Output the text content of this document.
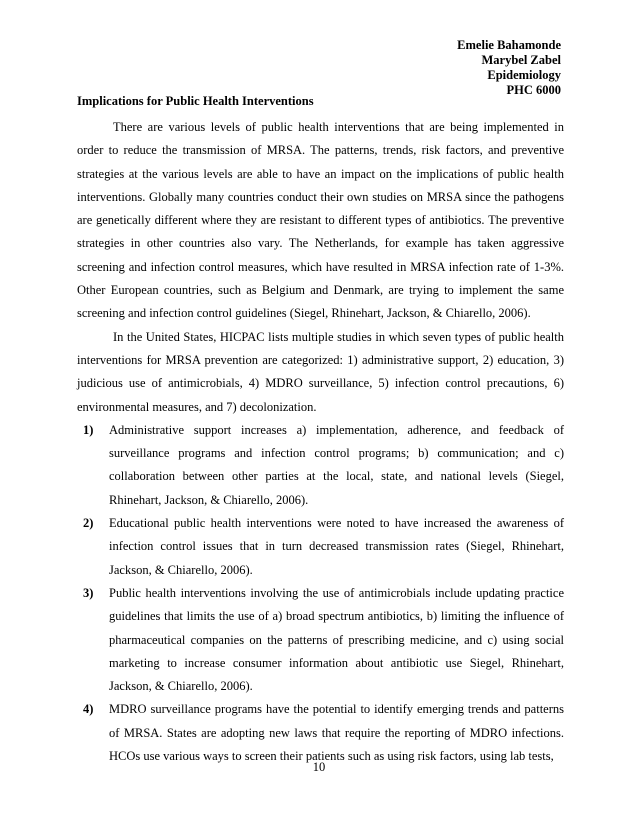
Emelie Bahamonde
Marybel Zabel
Epidemiology
PHC 6000
Implications for Public Health Interventions

There are various levels of public health interventions that are being implemented in order to reduce the transmission of MRSA. The patterns, trends, risk factors, and preventive strategies at the various levels are able to have an impact on the implications of public health interventions. Globally many countries conduct their own studies on MRSA since the pathogens are genetically different where they are resistant to different types of antibiotics. The preventive strategies in other countries also vary. The Netherlands, for example has taken aggressive screening and infection control measures, which have resulted in MRSA infection rate of 1-3%. Other European countries, such as Belgium and Denmark, are trying to implement the same screening and infection control guidelines (Siegel, Rhinehart, Jackson, & Chiarello, 2006).

In the United States, HICPAC lists multiple studies in which seven types of public health interventions for MRSA prevention are categorized: 1) administrative support, 2) education, 3) judicious use of antimicrobials, 4) MDRO surveillance, 5) infection control precautions, 6) environmental measures, and 7) decolonization.

1) Administrative support increases a) implementation, adherence, and feedback of surveillance programs and infection control programs; b) communication; and c) collaboration between other parties at the local, state, and national levels (Siegel, Rhinehart, Jackson, & Chiarello, 2006).
2) Educational public health interventions were noted to have increased the awareness of infection control issues that in turn decreased transmission rates (Siegel, Rhinehart, Jackson, & Chiarello, 2006).
3) Public health interventions involving the use of antimicrobials include updating practice guidelines that limits the use of a) broad spectrum antibiotics, b) limiting the influence of pharmaceutical companies on the patterns of prescribing medicine, and c) using social marketing to increase consumer information about antibiotic use Siegel, Rhinehart, Jackson, & Chiarello, 2006).
4) MDRO surveillance programs have the potential to identify emerging trends and patterns of MRSA. States are adopting new laws that require the reporting of MDRO infections. HCOs use various ways to screen their patients such as using risk factors, using lab tests,
10
